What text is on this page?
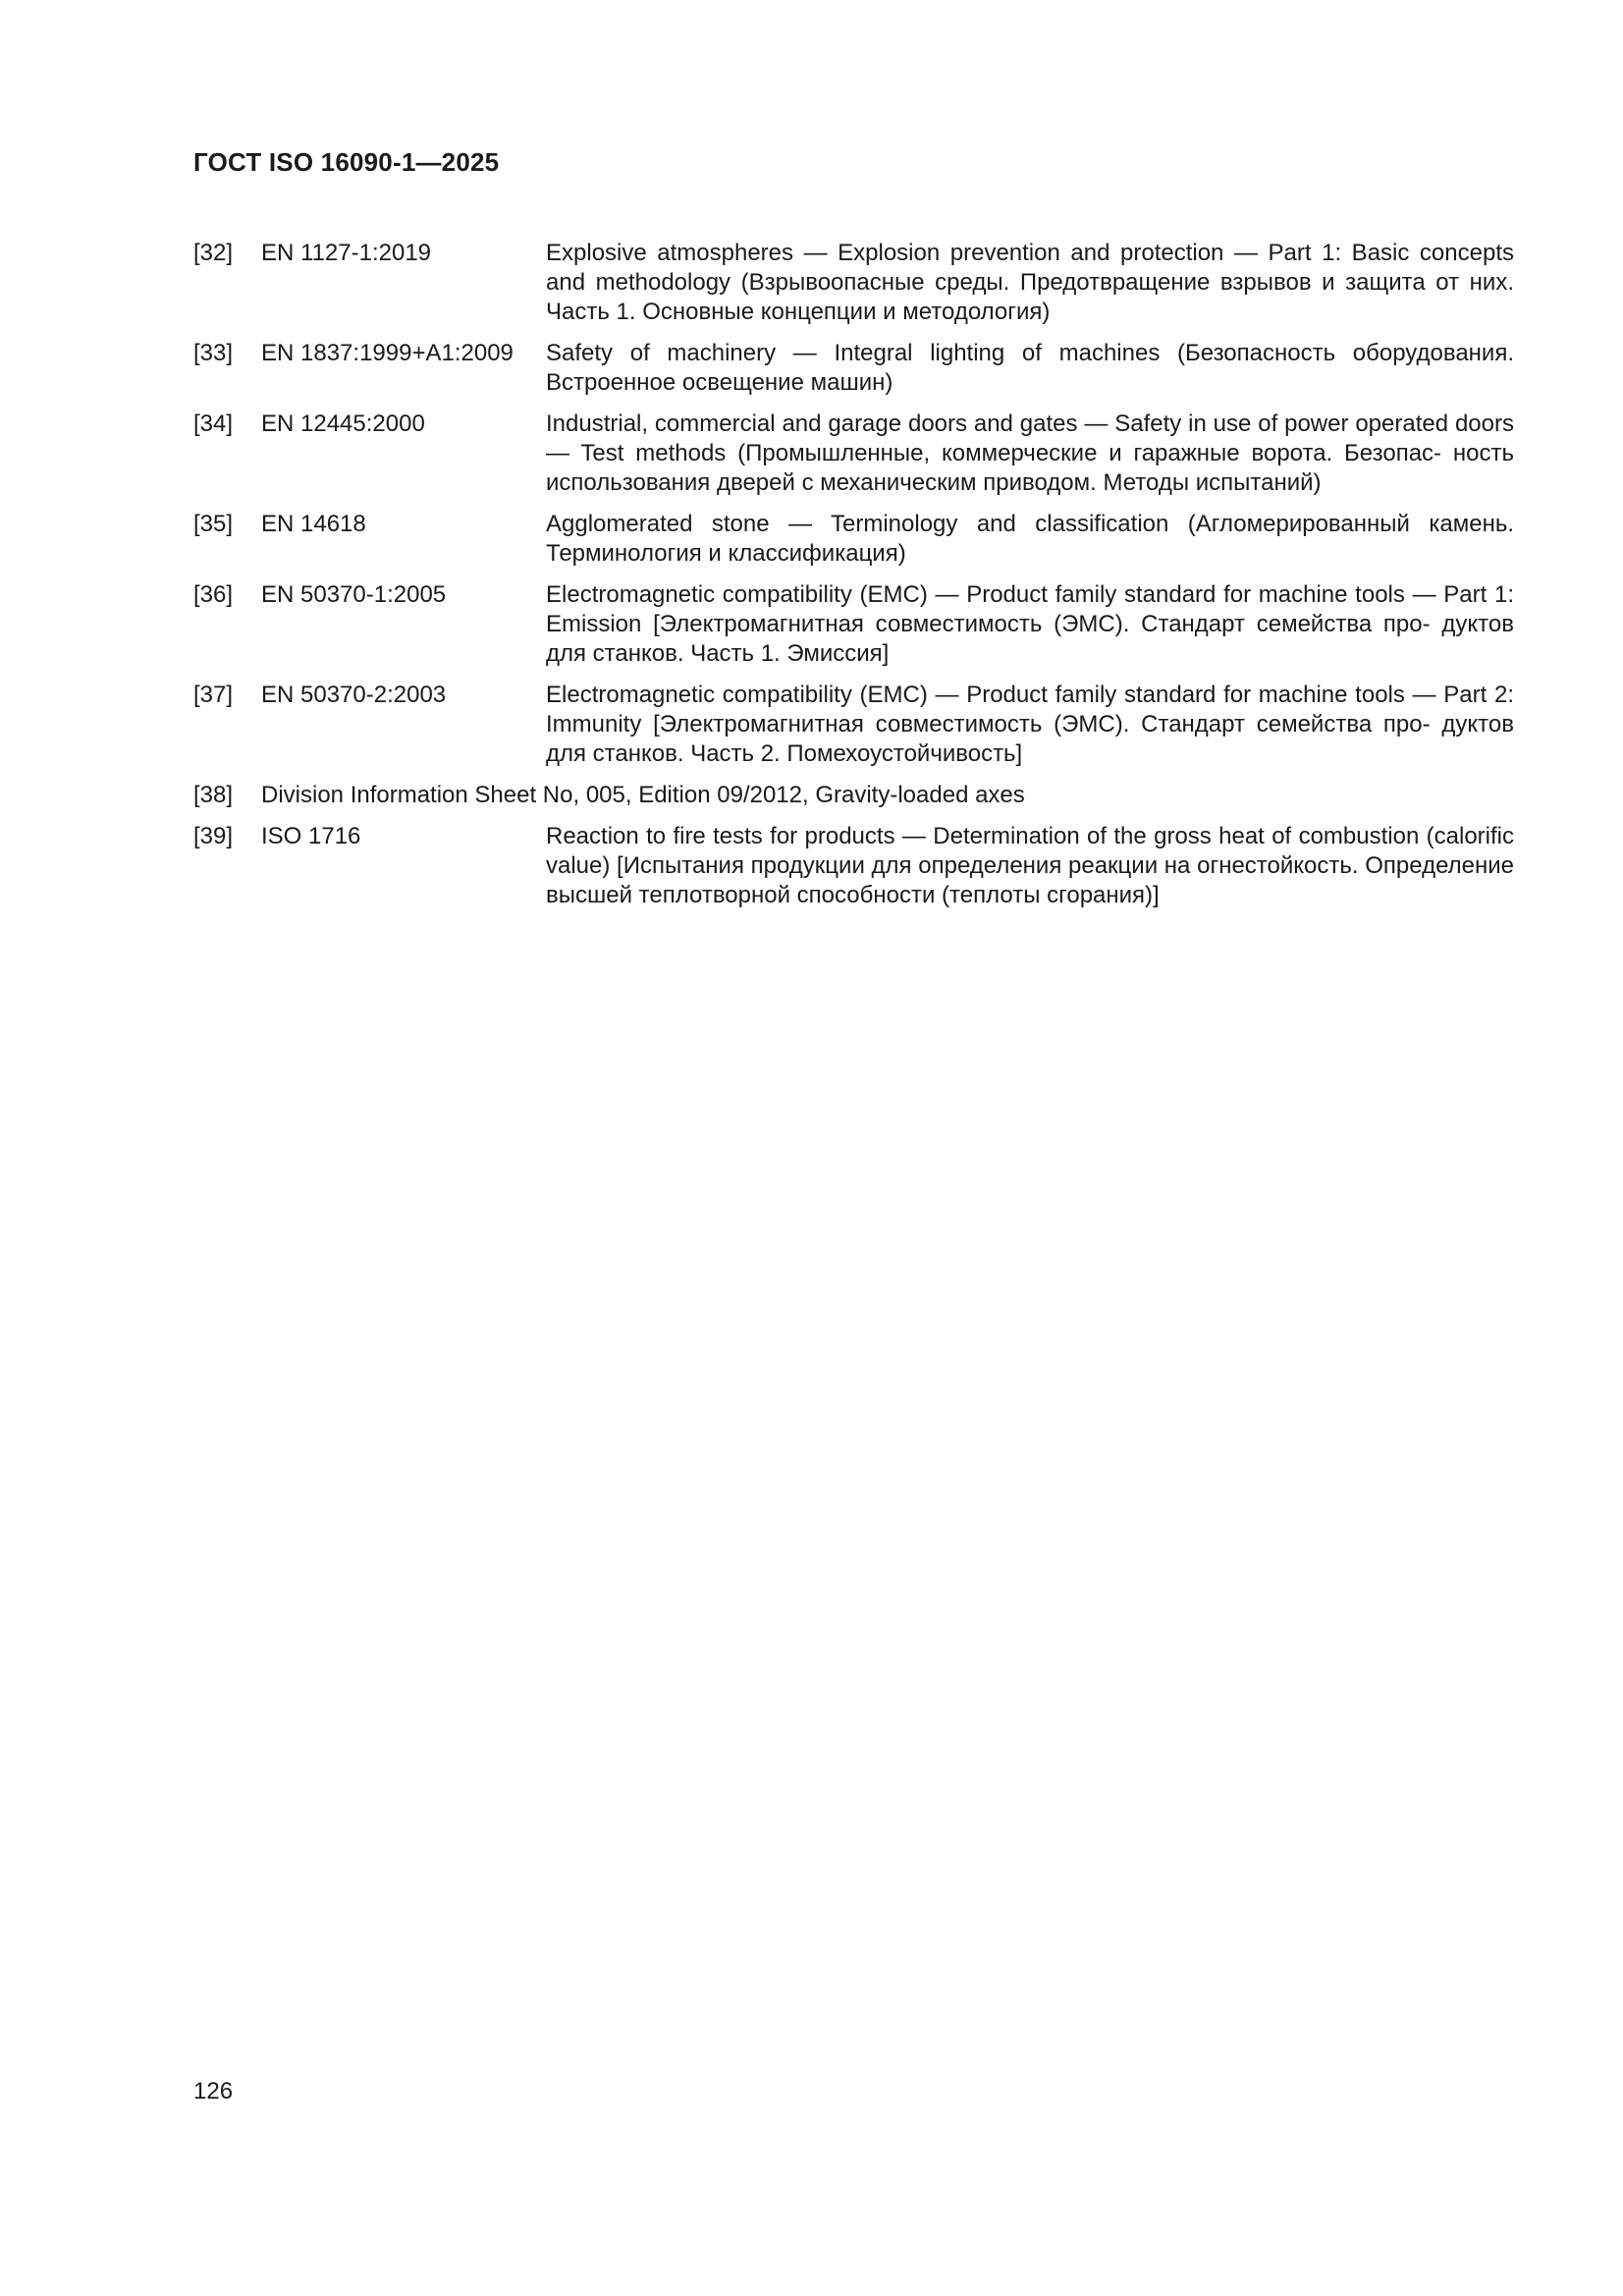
ГОСТ ISO 16090-1—2025
[32]	EN 1127-1:2019	Explosive atmospheres — Explosion prevention and protection — Part 1: Basic concepts and methodology (Взрывоопасные среды. Предотвращение взрывов и защита от них. Часть 1. Основные концепции и методология)
[33]	EN 1837:1999+A1:2009	Safety of machinery — Integral lighting of machines (Безопасность оборудования. Встроенное освещение машин)
[34]	EN 12445:2000	Industrial, commercial and garage doors and gates — Safety in use of power operated doors — Test methods (Промышленные, коммерческие и гаражные ворота. Безопас- ность использования дверей с механическим приводом. Методы испытаний)
[35]	EN 14618	Agglomerated stone — Terminology and classification (Агломерированный камень. Терминология и классификация)
[36]	EN 50370-1:2005	Electromagnetic compatibility (EMC) — Product family standard for machine tools — Part 1: Emission [Электромагнитная совместимость (ЭМС). Стандарт семейства про- дуктов для станков. Часть 1. Эмиссия]
[37]	EN 50370-2:2003	Electromagnetic compatibility (EMC) — Product family standard for machine tools — Part 2: Immunity [Электромагнитная совместимость (ЭМС). Стандарт семейства про- дуктов для станков. Часть 2. Помехоустойчивость]
[38]	Division Information Sheet No, 005, Edition 09/2012, Gravity-loaded axes
[39]	ISO 1716	Reaction to fire tests for products — Determination of the gross heat of combustion (calorific value) [Испытания продукции для определения реакции на огнестойкость. Определение высшей теплотворной способности (теплоты сгорания)]
126
